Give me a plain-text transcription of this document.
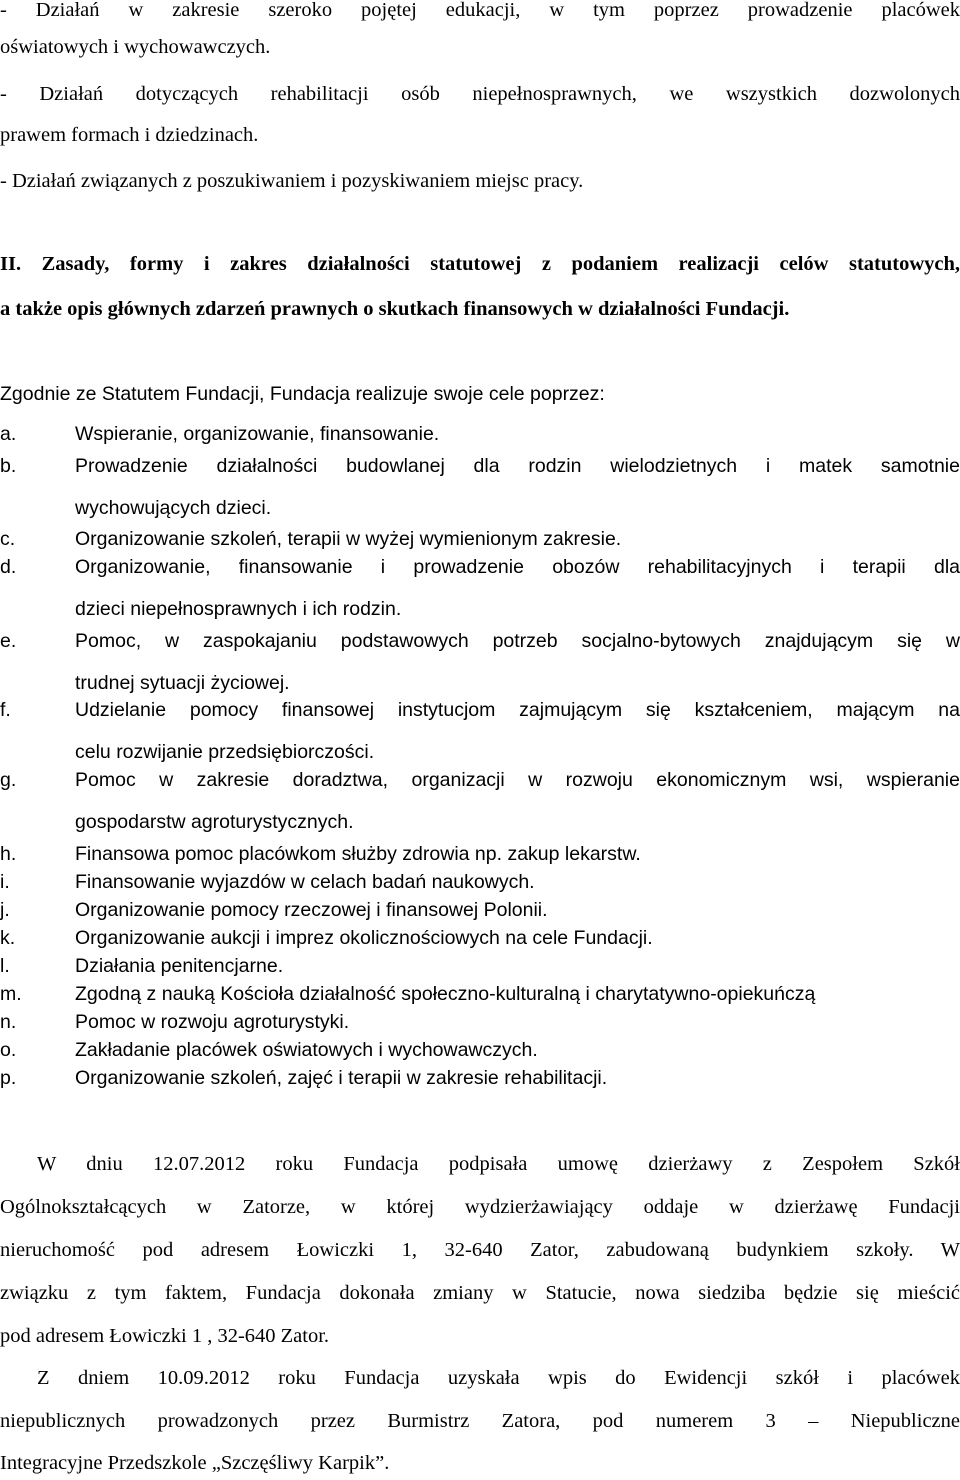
- Działań w zakresie szeroko pojętej edukacji, w tym poprzez prowadzenie placówek
oświatowych i wychowawczych.
- Działań dotyczących rehabilitacji osób niepełnosprawnych, we wszystkich dozwolonych
prawem formach i dziedzinach.
- Działań związanych z poszukiwaniem i pozyskiwaniem miejsc pracy.
II. Zasady, formy i zakres działalności statutowej z podaniem realizacji celów statutowych,
a także opis głównych zdarzeń prawnych o skutkach finansowych w działalności Fundacji.
Zgodnie ze Statutem Fundacji, Fundacja realizuje swoje cele poprzez:
a.	Wspieranie, organizowanie, finansowanie.
b.	Prowadzenie działalności budowlanej dla rodzin wielodzietnych i matek samotnie
wychowujących dzieci.
c.	Organizowanie szkoleń, terapii w wyżej wymienionym zakresie.
d.	Organizowanie, finansowanie i prowadzenie obozów rehabilitacyjnych i terapii dla
dzieci niepełnosprawnych i ich rodzin.
e.	Pomoc, w zaspokajaniu podstawowych potrzeb socjalno-bytowych znajdującym się w
trudnej sytuacji życiowej.
f.	Udzielanie pomocy finansowej instytucjom zajmującym się kształceniem, mającym na
celu rozwijanie przedsiębiorczości.
g.	Pomoc w zakresie doradztwa, organizacji w rozwoju ekonomicznym wsi, wspieranie
gospodarstw agroturystycznych.
h.	Finansowa pomoc placówkom służby zdrowia np. zakup lekarstw.
i.	Finansowanie wyjazdów w celach badań naukowych.
j.	Organizowanie pomocy rzeczowej i finansowej Polonii.
k.	Organizowanie aukcji i imprez okolicznościowych na cele Fundacji.
l.	Działania penitencjarne.
m.	Zgodną z nauką Kościoła działalność społeczno-kulturalną i charytatywno-opiekuńczą
n.	Pomoc w rozwoju agroturystyki.
o.	Zakładanie placówek oświatowych i wychowawczych.
p.	Organizowanie szkoleń, zajęć i terapii w zakresie rehabilitacji.
W dniu 12.07.2012 roku Fundacja podpisała umowę dzierżawy z Zespołem Szkół
Ogólnokształcących w Zatorze, w której wydzierżawiający oddaje w dzierżawę Fundacji
nieruchomość pod adresem Łowiczki 1, 32-640 Zator, zabudowaną budynkiem szkoły. W
związku z tym faktem, Fundacja dokonała zmiany w Statucie, nowa siedziba będzie się mieścić
pod adresem Łowiczki 1 , 32-640 Zator.
Z dniem 10.09.2012 roku Fundacja uzyskała wpis do Ewidencji szkół i placówek
niepublicznych prowadzonych przez Burmistrz Zatora, pod numerem 3 – Niepubliczne
Integracyjne Przedszkole „Szczęśliwy Karpik”.
